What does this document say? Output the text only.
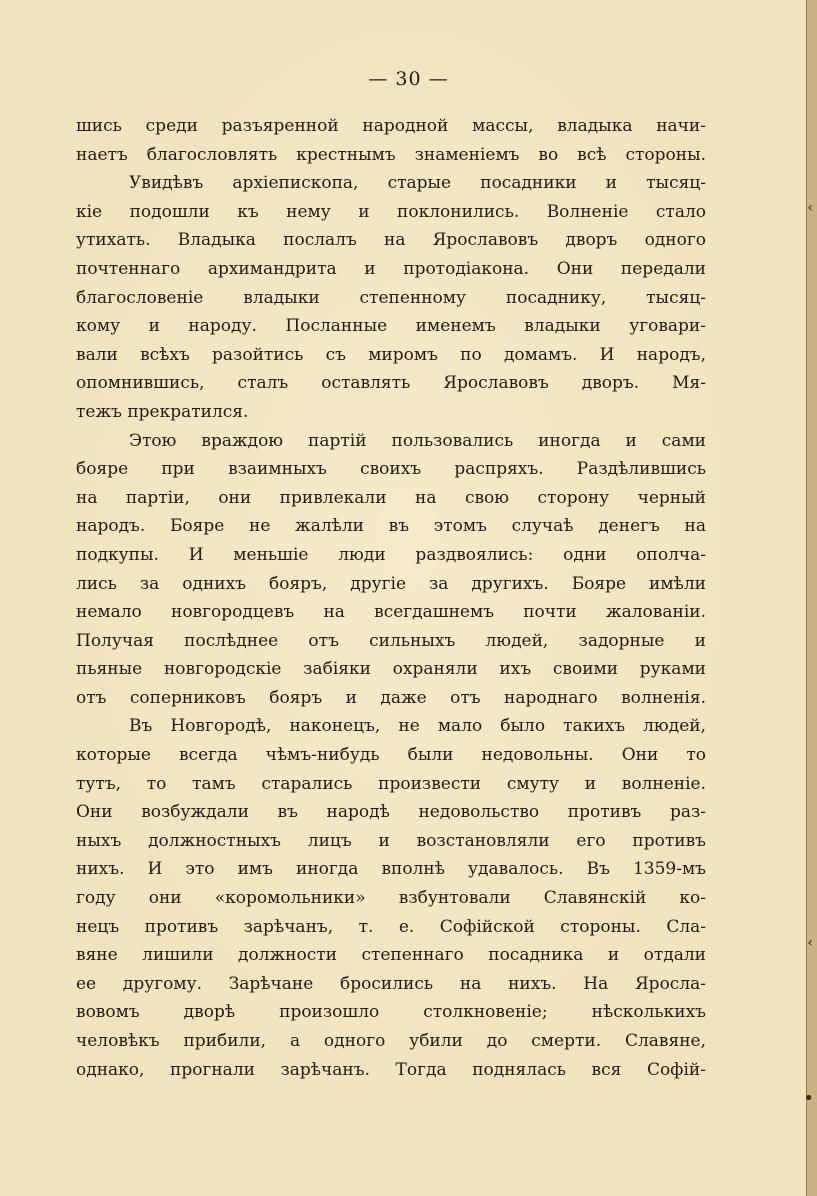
‹
‹
•
— 30 —
шись среди разъяренной народной массы, владыка начи-
наетъ благословлять крестнымъ знаменіемъ во всѣ стороны.
Увидѣвъ архіепископа, старые посадники и тысяц-
кіе подошли къ нему и поклонились. Волненіе стало
утихать. Владыка послалъ на Ярославовъ дворъ одного
почтеннаго архимандрита и протодіакона. Они передали
благословеніе владыки степенному посаднику, тысяц-
кому и народу. Посланные именемъ владыки уговари-
вали всѣхъ разойтись съ миромъ по домамъ. И народъ,
опомнившись, сталъ оставлять Ярославовъ дворъ. Мя-
тежъ прекратился.
Этою враждою партій пользовались иногда и сами
бояре при взаимныхъ своихъ распряхъ. Раздѣлившись
на партіи, они привлекали на свою сторону черный
народъ. Бояре не жалѣли въ этомъ случаѣ денегъ на
подкупы. И меньшіе люди раздвоялись: одни ополча-
лись за однихъ бояръ, другіе за другихъ. Бояре имѣли
немало новгородцевъ на всегдашнемъ почти жалованіи.
Получая послѣднее отъ сильныхъ людей, задорные и
пьяные новгородскіе забіяки охраняли ихъ своими руками
отъ соперниковъ бояръ и даже отъ народнаго волненія.
Въ Новгородѣ, наконецъ, не мало было такихъ людей,
которые всегда чѣмъ-нибудь были недовольны. Они то
тутъ, то тамъ старались произвести смуту и волненіе.
Они возбуждали въ народѣ недовольство противъ раз-
ныхъ должностныхъ лицъ и возстановляли его противъ
нихъ. И это имъ иногда вполнѣ удавалось. Въ 1359-мъ
году они «коромольники» взбунтовали Славянскій ко-
нецъ противъ зарѣчанъ, т. е. Софійской стороны. Сла-
вяне лишили должности степеннаго посадника и отдали
ее другому. Зарѣчане бросились на нихъ. На Яросла-
вовомъ дворѣ произошло столкновеніе; нѣсколькихъ
человѣкъ прибили, а одного убили до смерти. Славяне,
однако, прогнали зарѣчанъ. Тогда поднялась вся Софій-
